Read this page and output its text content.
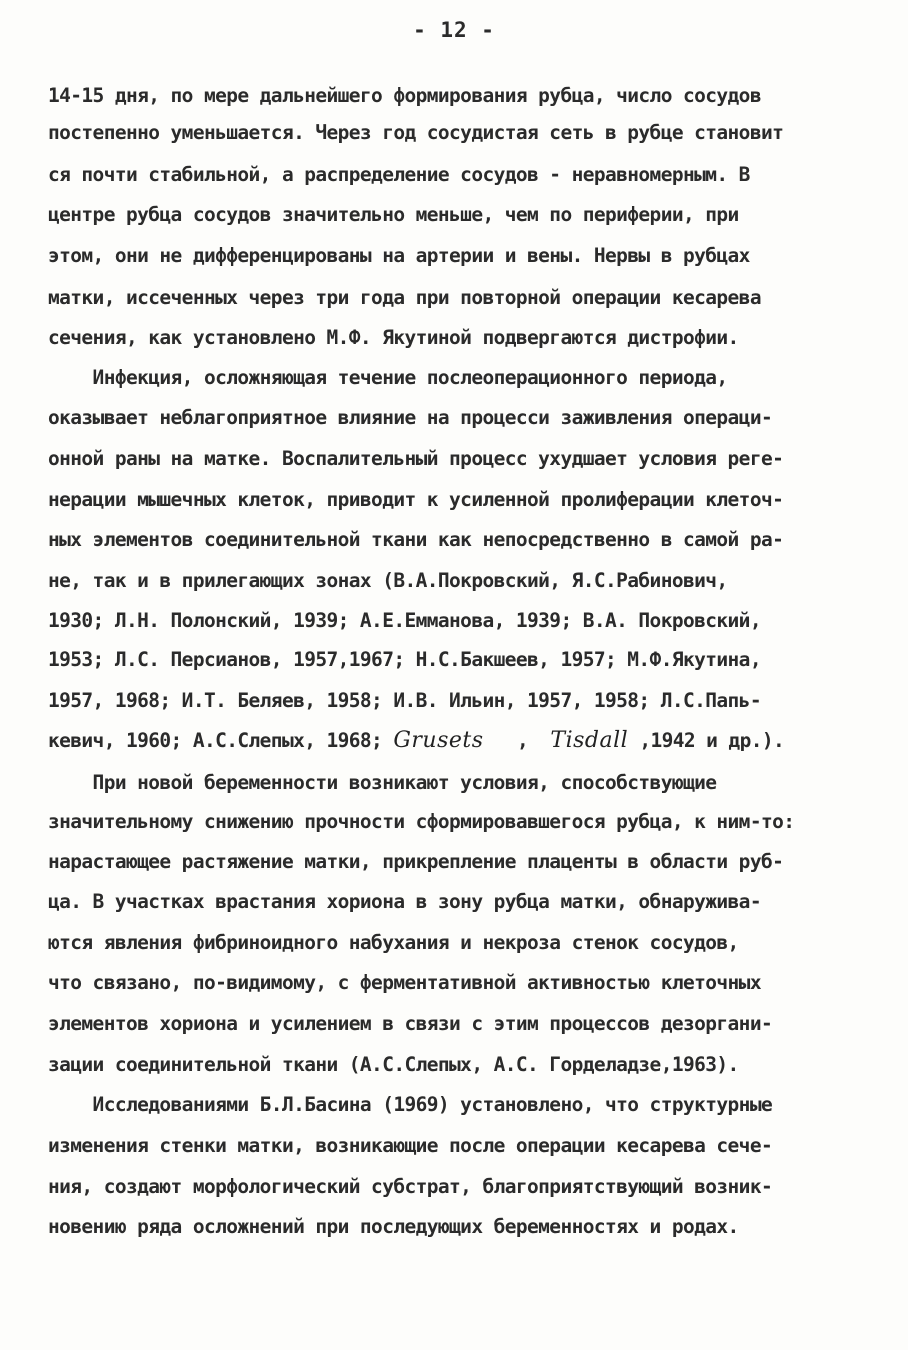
- 12 -
14-15 дня, по мере дальнейшего формирования рубца, число сосудов
постепенно уменьшается. Через год сосудистая сеть в рубце становит
ся почти стабильной, а распределение сосудов - неравномерным. В
центре рубца сосудов значительно меньше, чем по периферии, при
этом, они не дифференцированы на артерии и вены. Нервы в рубцах
матки, иссеченных через три года при повторной операции кесарева
сечения, как установлено М.Ф. Якутиной подвергаются дистрофии.
Инфекция, осложняющая течение послеоперационного периода,
оказывает неблагоприятное влияние на процесси заживления операци-
онной раны на матке. Воспалительный процесс ухудшает условия реге-
нерации мышечных клеток, приводит к усиленной пролиферации клеточ-
ных элементов соединительной ткани как непосредственно в самой ра-
не, так и в прилегающих зонах (В.А.Покровский, Я.С.Рабинович,
1930; Л.Н. Полонский, 1939; А.Е.Емманова, 1939; В.А. Покровский,
1953; Л.С. Персианов, 1957,1967; Н.С.Бакшеев, 1957; М.Ф.Якутина,
1957, 1968; И.Т. Беляев, 1958; И.В. Ильин, 1957, 1958; Л.С.Папь-
кевич, 1960; А.С.Слепых, 1968; Grusets , Tisdall ,1942 и др.).
При новой беременности возникают условия, способствующие
значительному снижению прочности сформировавшегося рубца, к ним-то:
нарастающее растяжение матки, прикрепление плаценты в области руб-
ца. В участках врастания хориона в зону рубца матки, обнаружива-
ются явления фибриноидного набухания и некроза стенок сосудов,
что связано, по-видимому, с ферментативной активностью клеточных
элементов хориона и усилением в связи с этим процессов дезоргани-
зации соединительной ткани (А.С.Слепых, А.С. Горделадзе,1963).
Исследованиями Б.Л.Басина (1969) установлено, что структурные
изменения стенки матки, возникающие после операции кесарева сече-
ния, создают морфологический субстрат, благоприятствующий возник-
новению ряда осложнений при последующих беременностях и родах.
